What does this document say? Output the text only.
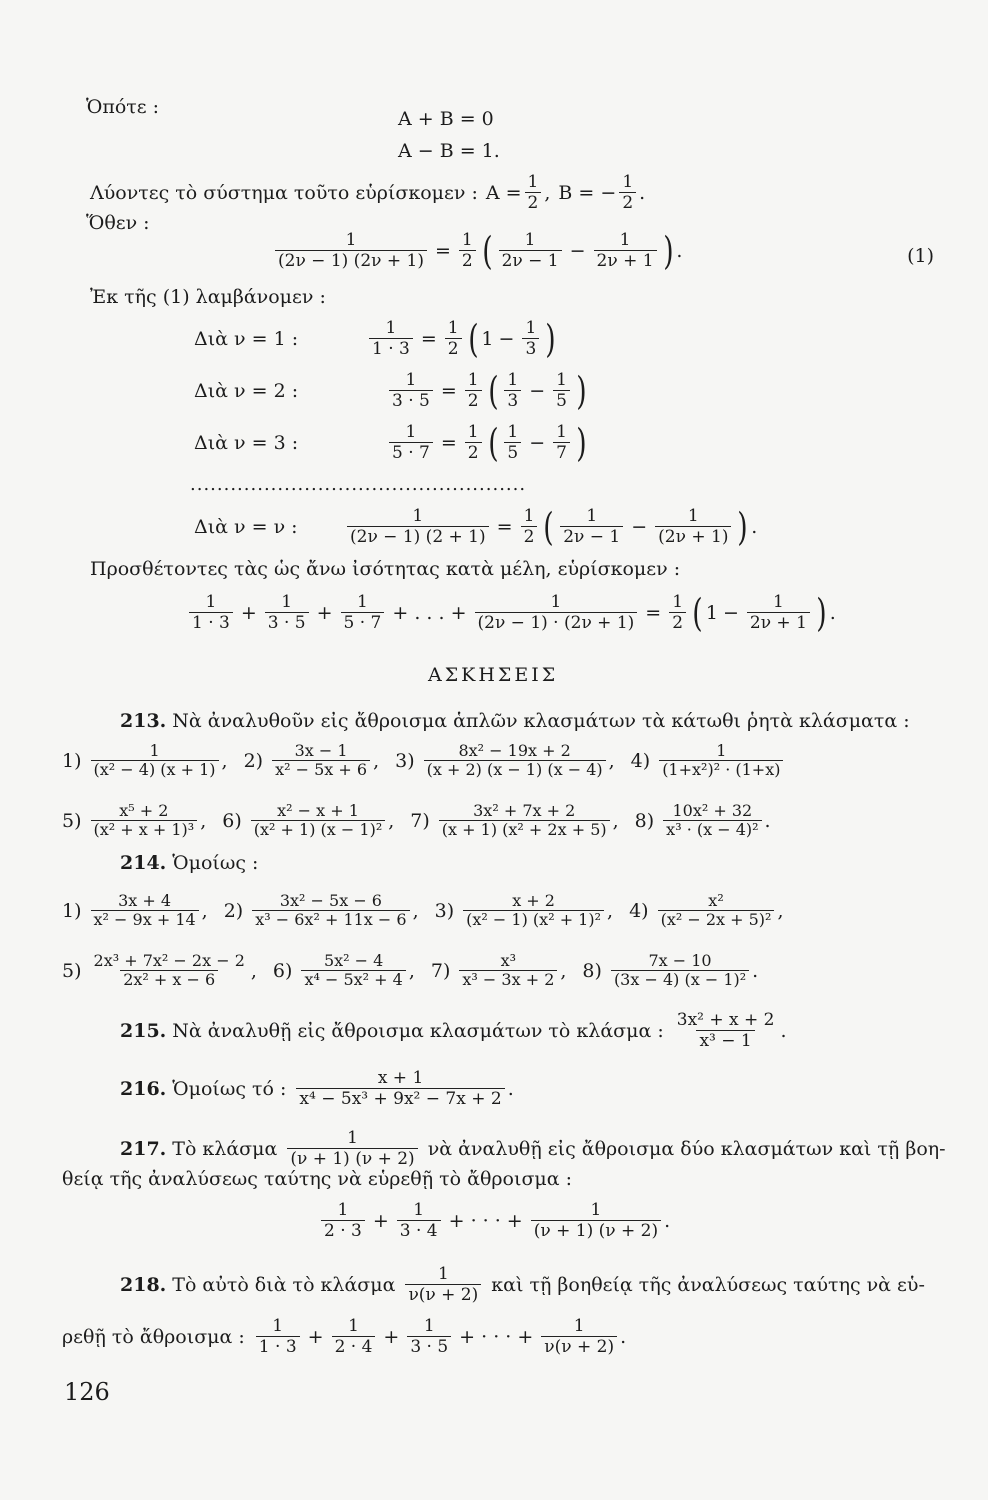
Ὁπότε :
A + B = 0
A − B = 1.
Λύοντες τὸ σύστημα τοῦτο εὑρίσκομεν : $A = \frac{1}{2}$ , B = − $\frac{1}{2}$ .
Ὅθεν :
$\frac{1}{(2\nu - 1) (2\nu + 1)} = \frac{1}{2}$ ( $\frac{1}{2\nu - 1} - \frac{1}{2\nu + 1}$ ) .	(1)
Ἐκ τῆς (1) λαμβάνομεν :
Διὰ ν = 1 :	$\frac{1}{1 \cdot 3} = \frac{1}{2}$ ( $1 - \frac{1}{3}$ )
Διὰ ν = 2 :	$\frac{1}{3 \cdot 5} = \frac{1}{2}$ ( $\frac{1}{3} - \frac{1}{5}$ )
Διὰ ν = 3 :	$\frac{1}{5 \cdot 7} = \frac{1}{2}$ ( $\frac{1}{5} - \frac{1}{7}$ )
..................................................
Διὰ ν = ν :	$\frac{1}{(2\nu - 1) (2 + 1)} = \frac{1}{2}$ ( $\frac{1}{2\nu - 1} - \frac{1}{(2\nu + 1)}$ ) .
Προσθέτοντες τὰς ὡς ἄνω ἰσότητας κατὰ μέλη, εὑρίσκομεν :
$\frac{1}{1 \cdot 3} + \frac{1}{3 \cdot 5} + \frac{1}{5 \cdot 7}$ + . . . + $\frac{1}{(2\nu - 1) \cdot (2\nu + 1)} = \frac{1}{2}$ ( $1 - \frac{1}{2\nu + 1}$ ) .
ΑΣΚΗΣΕΙΣ
213. Νὰ ἀναλυθοῦν εἰς ἄθροισμα ἁπλῶν κλασμάτων τὰ κάτωθι ῥητὰ κλάσματα :
$1) \frac{1}{\text{(x² − 4) (x + 1)}}$ , $2) \frac{3x - 1}{\text{x² − 5x + 6}}$ , $3) \frac{\text{8x² − 19x + 2}}{(x + 2) (x - 1) (x - 4)}$ , $4) \frac{1}{\text{(1+x²)² · (1+x)}}$
$5) \frac{\text{x⁵ + 2}}{\text{(x² + x + 1)³}}$ , $6) \frac{\text{x² − x + 1}}{\text{(x² + 1) (x − 1)²}}$ , $7) \frac{\text{3x² + 7x + 2}}{\text{(x + 1) (x² + 2x + 5)}}$ , $8) \frac{\text{10x² + 32}}{\text{x³ · (x − 4)²}}$ .
214. Ὁμοίως :
$1) \frac{3x + 4}{\text{x² − 9x + 14}}$ , $2) \frac{\text{3x² − 5x − 6}}{\text{x³ − 6x² + 11x − 6}}$ , $3) \frac{x + 2}{\text{(x² − 1) (x² + 1)²}}$ , $4) \frac{\text{x²}}{\text{(x² − 2x + 5)²}}$ ,
$5) \frac{\text{2x³ + 7x² − 2x − 2}}{\text{2x² + x − 6}}$ , $6) \frac{\text{5x² − 4}}{\text{x⁴ − 5x² + 4}}$ , $7) \frac{\text{x³}}{\text{x³ − 3x + 2}}$ , $8) \frac{7x - 10}{\text{(3x − 4) (x − 1)²}}$ .
215. Νὰ ἀναλυθῇ εἰς ἄθροισμα κλασμάτων τὸ κλάσμα : $\frac{\text{3x² + x + 2}}{\text{x³ − 1}}$ .
216. Ὁμοίως τό : $\frac{x + 1}{\text{x⁴ − 5x³ + 9x² − 7x + 2}}$ .
217. Τὸ κλάσμα $\frac{1}{(\nu + 1) (\nu + 2)}$ νὰ ἀναλυθῇ εἰς ἄθροισμα δύο κλασμάτων καὶ τῇ βοη-
θείᾳ τῆς ἀναλύσεως ταύτης νὰ εὑρεθῇ τὸ ἄθροισμα :
$\frac{1}{2 \cdot 3} + \frac{1}{3 \cdot 4}$ + · · · + $\frac{1}{(\nu + 1) (\nu + 2)}$ .
218. Τὸ αὐτὸ διὰ τὸ κλάσμα $\frac{1}{\nu(\nu + 2)}$ καὶ τῇ βοηθείᾳ τῆς ἀναλύσεως ταύτης νὰ εὑ-
ρεθῇ τὸ ἄθροισμα : $\frac{1}{1 \cdot 3} + \frac{1}{2 \cdot 4} + \frac{1}{3 \cdot 5}$ + · · · + $\frac{1}{\nu(\nu + 2)}$ .
126
